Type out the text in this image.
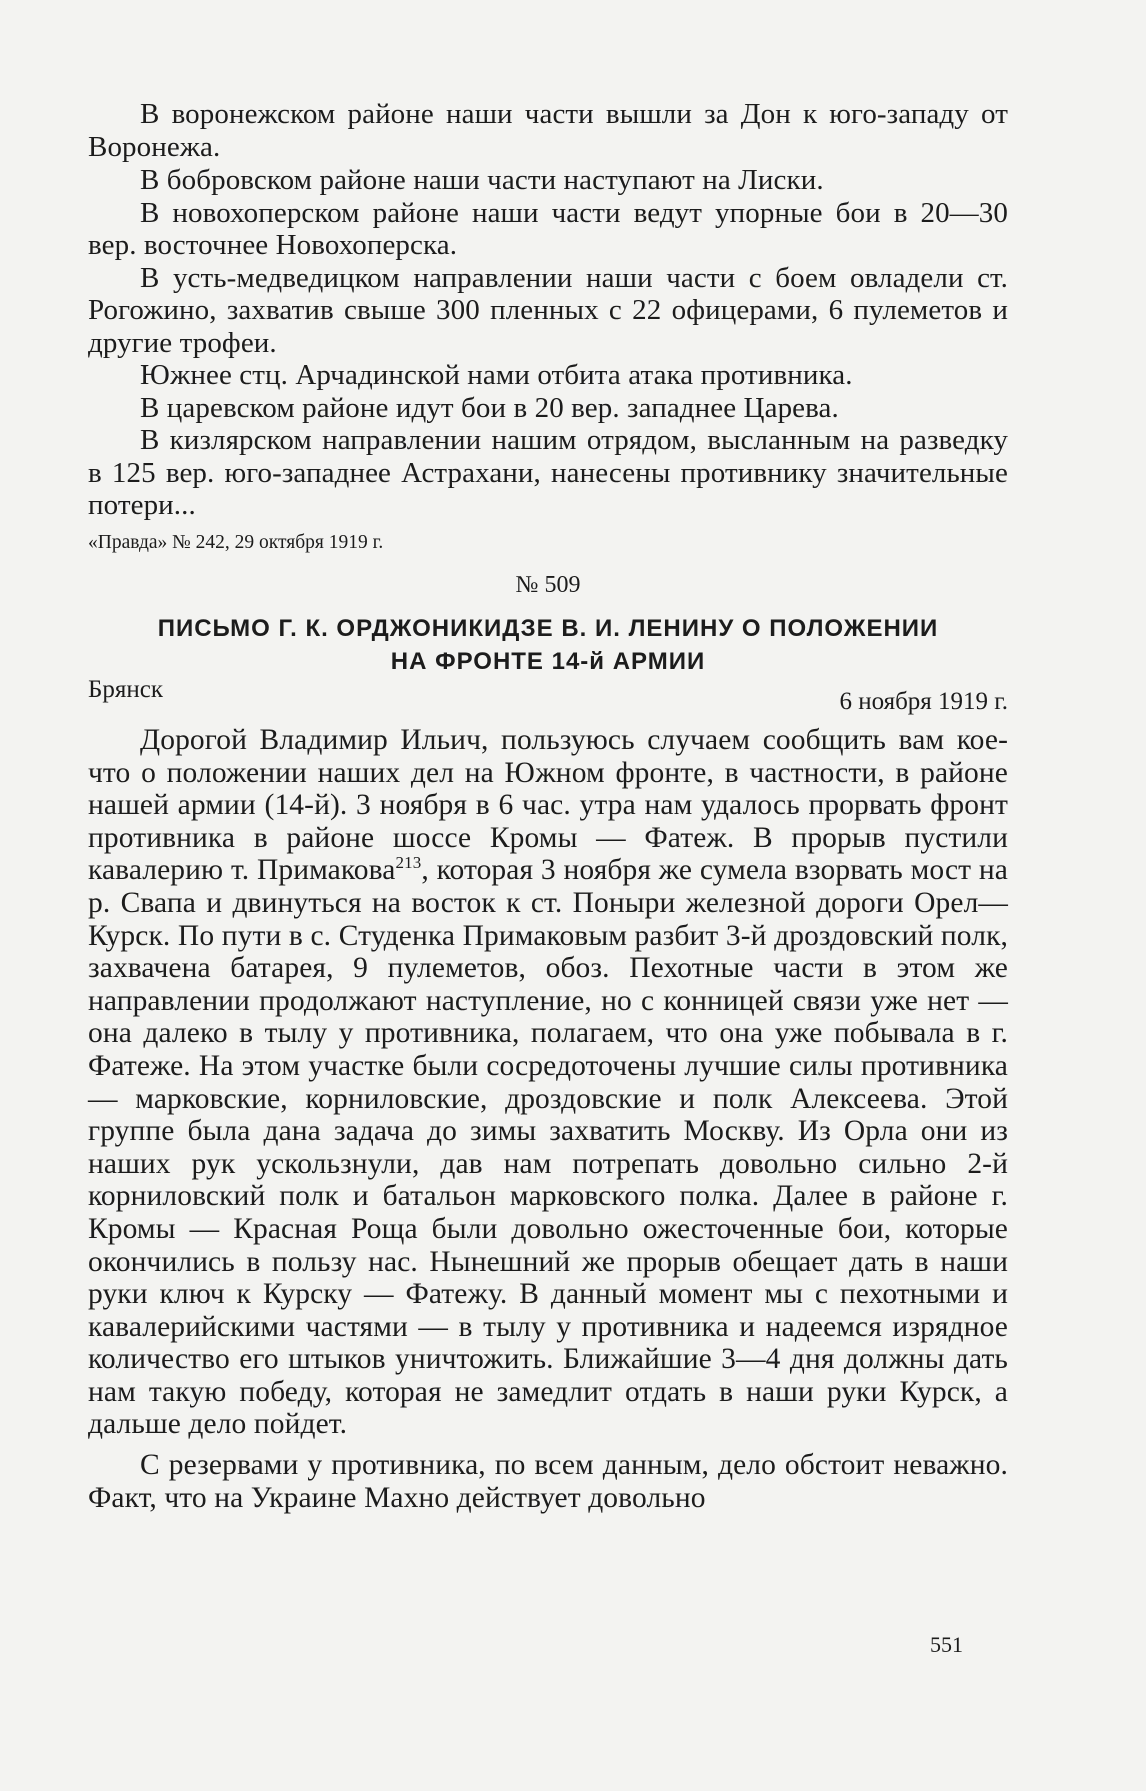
В воронежском районе наши части вышли за Дон к юго-западу от Воронежа.

В бобровском районе наши части наступают на Лиски.

В новохоперском районе наши части ведут упорные бои в 20—30 вер. восточнее Новохоперска.

В усть-медведицком направлении наши части с боем овладели ст. Рогожино, захватив свыше 300 пленных с 22 офицерами, 6 пулеметов и другие трофеи.

Южнее стц. Арчадинской нами отбита атака противника.

В царевском районе идут бои в 20 вер. западнее Царева.

В кизлярском направлении нашим отрядом, высланным на разведку в 125 вер. юго-западнее Астрахани, нанесены противнику значительные потери...

«Правда» № 242, 29 октября 1919 г.

№ 509

ПИСЬМО Г. К. ОРДЖОНИКИДЗЕ В. И. ЛЕНИНУ О ПОЛОЖЕНИИ

НА ФРОНТЕ 14-й АРМИИ

Брянск	6 ноября 1919 г.

Дорогой Владимир Ильич, пользуюсь случаем сообщить вам кое-что о положении наших дел на Южном фронте, в частности, в районе нашей армии (14-й). 3 ноября в 6 час. утра нам удалось прорвать фронт противника в районе шоссе Кромы — Фатеж. В прорыв пустили кавалерию т. Примакова$^{213}$, которая 3 ноября же сумела взорвать мост на р. Свапа и двинуться на восток к ст. Поныри железной дороги Орел—Курск. По пути в с. Студенка Примаковым разбит 3-й дроздовский полк, захвачена батарея, 9 пулеметов, обоз. Пехотные части в этом же направлении продолжают наступление, но с конницей связи уже нет — она далеко в тылу у противника, полагаем, что она уже побывала в г. Фатеже. На этом участке были сосредоточены лучшие силы противника — марковские, корниловские, дроздовские и полк Алексеева. Этой группе была дана задача до зимы захватить Москву. Из Орла они из наших рук ускользнули, дав нам потрепать довольно сильно 2-й корниловский полк и батальон марковского полка. Далее в районе г. Кромы — Красная Роща были довольно ожесточенные бои, которые окончились в пользу нас. Нынешний же прорыв обещает дать в наши руки ключ к Курску — Фатежу. В данный момент мы с пехотными и кавалерийскими частями — в тылу у противника и надеемся изрядное количество его штыков уничтожить. Ближайшие 3—4 дня должны дать нам такую победу, которая не замедлит отдать в наши руки Курск, а дальше дело пойдет.

С резервами у противника, по всем данным, дело обстоит неважно. Факт, что на Украине Махно действует довольно

551
